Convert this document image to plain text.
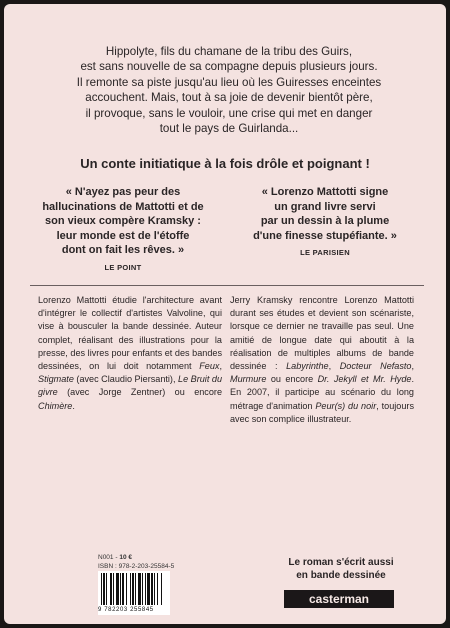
Hippolyte, fils du chamane de la tribu des Guirs,
est sans nouvelle de sa compagne depuis plusieurs jours.
Il remonte sa piste jusqu'au lieu où les Guiresses enceintes
accouchent. Mais, tout à sa joie de devenir bientôt père,
il provoque, sans le vouloir, une crise qui met en danger
tout le pays de Guirlanda...
Un conte initiatique à la fois drôle et poignant !
« N'ayez pas peur des
hallucinations de Mattotti et de
son vieux compère Kramsky :
leur monde est de l'étoffe
dont on fait les rêves. »
LE POINT
« Lorenzo Mattotti signe
un grand livre servi
par un dessin à la plume
d'une finesse stupéfiante. »
LE PARISIEN
Lorenzo Mattotti étudie l'architecture avant d'intégrer le collectif d'artistes Valvoline, qui vise à bousculer la bande dessinée. Auteur complet, réalisant des illustrations pour la presse, des livres pour enfants et des bandes dessinées, on lui doit notamment Feux, Stigmate (avec Claudio Piersanti), Le Bruit du givre (avec Jorge Zentner) ou encore Chimère.
Jerry Kramsky rencontre Lorenzo Mattotti durant ses études et devient son scénariste, lorsque ce dernier ne travaille pas seul. Une amitié de longue date qui aboutit à la réalisation de multiples albums de bande dessinée : Labyrinthe, Docteur Nefasto, Murmure ou encore Dr. Jekyll et Mr. Hyde. En 2007, il participe au scénario du long métrage d'animation Peur(s) du noir, toujours avec son complice illustrateur.
N001 - 10 €
ISBN : 978-2-203-25584-5
9 782203 255845
Le roman s'écrit aussi
en bande dessinée
casterman
